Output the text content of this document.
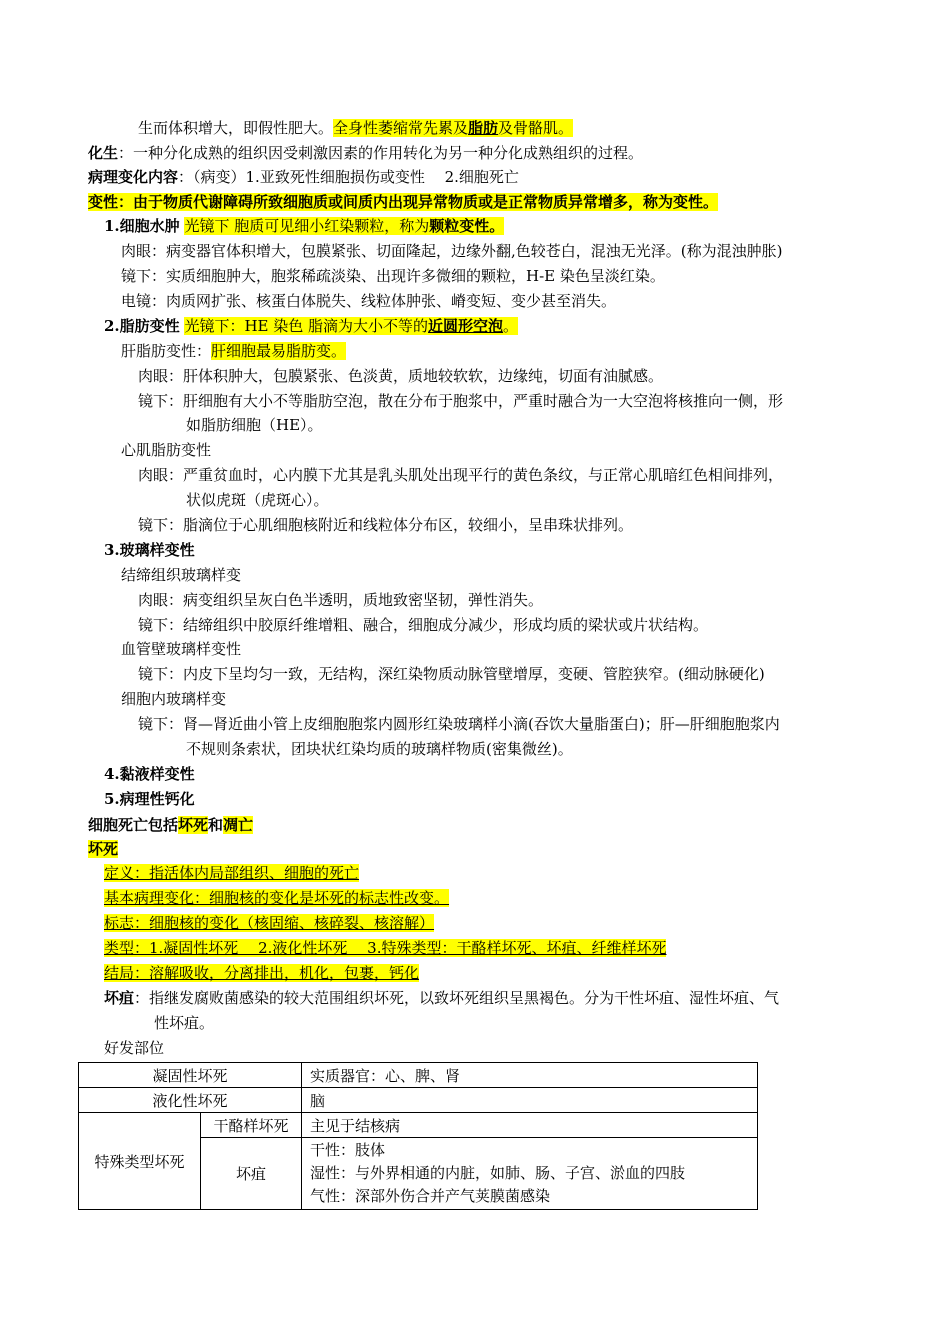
生而体积增大，即假性肥大。全身性萎缩常先累及脂肪及骨骼肌。
化生：一种分化成熟的组织因受刺激因素的作用转化为另一种分化成熟组织的过程。
病理变化内容：（病变）1.亚致死性细胞损伤或变性　 2.细胞死亡
变性：由于物质代谢障碍所致细胞质或间质内出现异常物质或是正常物质异常增多，称为变性。
1.细胞水肿 光镜下 胞质可见细小红染颗粒，称为颗粒变性。
肉眼：病变器官体积增大，包膜紧张、切面隆起，边缘外翻,色较苍白，混浊无光泽。(称为混浊肿胀)
镜下：实质细胞肿大，胞浆稀疏淡染、出现许多微细的颗粒，H-E 染色呈淡红染。
电镜：肉质网扩张、核蛋白体脱失、线粒体肿张、嵴变短、变少甚至消失。
2.脂肪变性 光镜下：HE 染色 脂滴为大小不等的近圆形空泡。
肝脂肪变性：肝细胞最易脂肪变。
肉眼：肝体积肿大，包膜紧张、色淡黄，质地较软软，边缘纯，切面有油腻感。
镜下：肝细胞有大小不等脂肪空泡，散在分布于胞浆中，严重时融合为一大空泡将核推向一侧，形
如脂肪细胞（HE）。
心肌脂肪变性
肉眼：严重贫血时，心内膜下尤其是乳头肌处出现平行的黄色条纹，与正常心肌暗红色相间排列，
状似虎斑（虎斑心）。
镜下：脂滴位于心肌细胞核附近和线粒体分布区，较细小，呈串珠状排列。
3.玻璃样变性
结缔组织玻璃样变
肉眼：病变组织呈灰白色半透明，质地致密坚韧，弹性消失。
镜下：结缔组织中胶原纤维增粗、融合，细胞成分减少，形成均质的梁状或片状结构。
血管壁玻璃样变性
镜下：内皮下呈均匀一致，无结构，深红染物质动脉管壁增厚，变硬、管腔狭窄。(细动脉硬化)
细胞内玻璃样变
镜下：肾—肾近曲小管上皮细胞胞浆内圆形红染玻璃样小滴(吞饮大量脂蛋白)；肝—肝细胞胞浆内
不规则条索状，团块状红染均质的玻璃样物质(密集微丝)。
4.黏液样变性
5.病理性钙化
细胞死亡包括坏死和凋亡
坏死
定义：指活体内局部组织、细胞的死亡
基本病理变化：细胞核的变化是坏死的标志性改变。
标志：细胞核的变化（核固缩、核碎裂、核溶解）
类型：1.凝固性坏死　 2.液化性坏死　 3.特殊类型：干酪样坏死、坏疽、纤维样坏死
结局：溶解吸收，分离排出，机化，包裹，钙化
坏疽：指继发腐败菌感染的较大范围组织坏死，以致坏死组织呈黑褐色。分为干性坏疽、湿性坏疽、气
性坏疽。
好发部位
凝固性坏死		实质器官：心、脾、肾
液化性坏死		脑
特殊类型坏死	干酪样坏死	主见于结核病
	坏疽	干性：肢体
湿性：与外界相通的内脏，如肺、肠、子宫、淤血的四肢
气性：深部外伤合并产气荚膜菌感染
